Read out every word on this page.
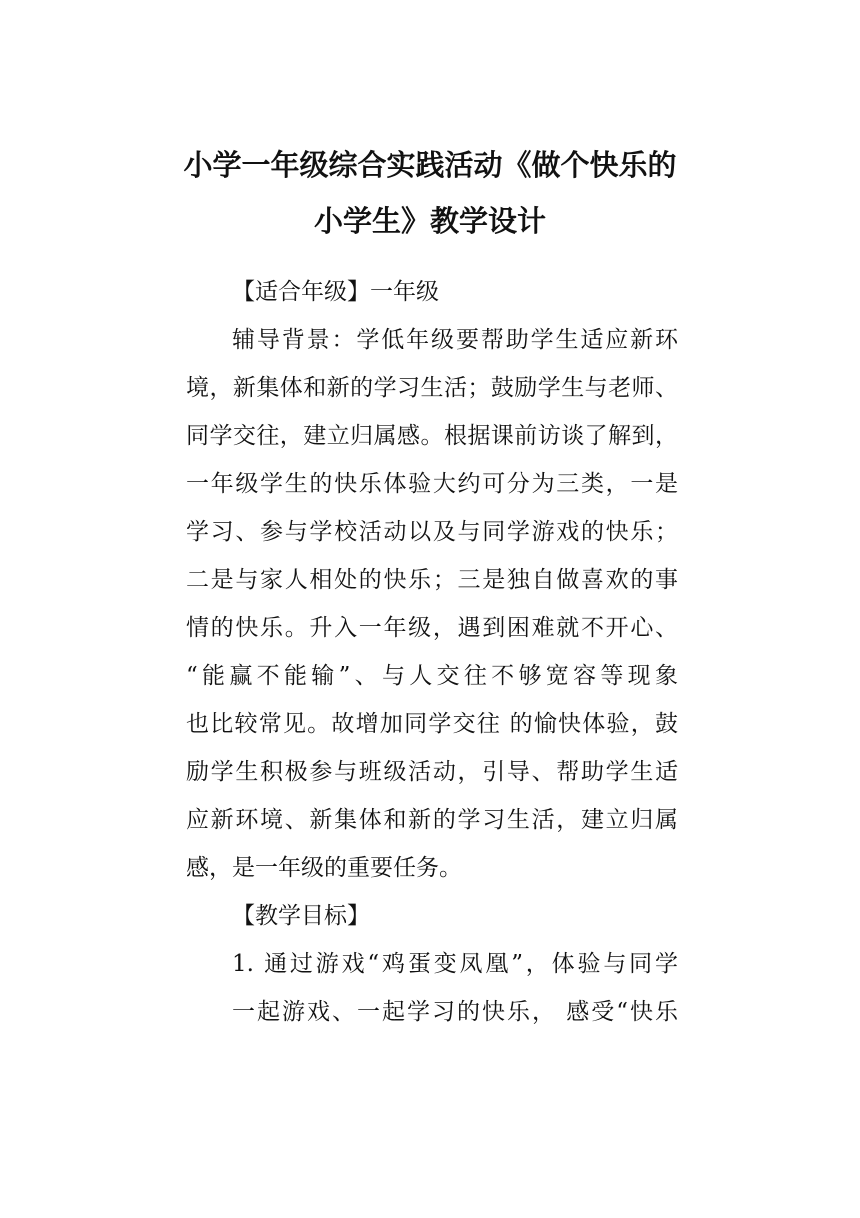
小学一年级综合实践活动《做个快乐的
小学生》教学设计
【适合年级】一年级
辅导背景：学低年级要帮助学生适应新环
境，新集体和新的学习生活；鼓励学生与老师、
同学交往，建立归属感。根据课前访谈了解到，
一年级学生的快乐体验大约可分为三类，一是
学习、参与学校活动以及与同学游戏的快乐；
二是与家人相处的快乐；三是独自做喜欢的事
情的快乐。升入一年级，遇到困难就不开心、
“能赢不能输”、与人交往不够宽容等现象
也比较常见。故增加同学交往 的愉快体验，鼓
励学生积极参与班级活动，引导、帮助学生适
应新环境、新集体和新的学习生活，建立归属
感，是一年级的重要任务。
【教学目标】
1. 通过游戏“鸡蛋变凤凰”，体验与同学
一起游戏、一起学习的快乐， 感受“快乐
